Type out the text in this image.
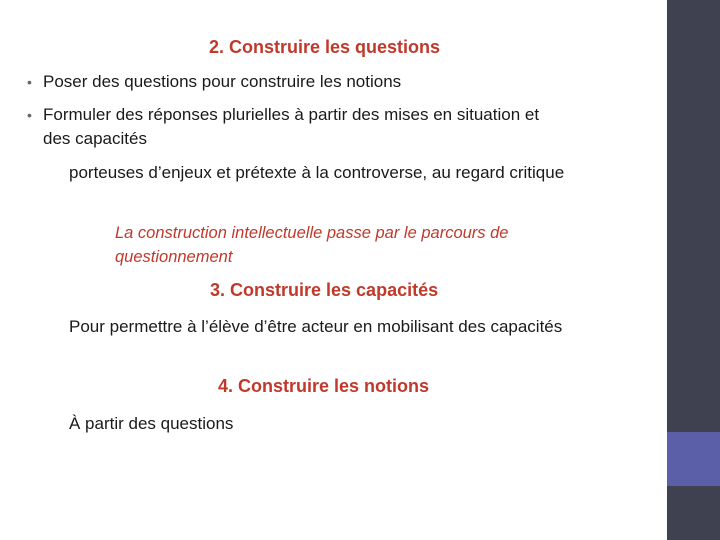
2. Construire les questions
• Poser des questions pour construire les notions
• Formuler des réponses plurielles à partir des mises en situation et des capacités
porteuses d’enjeux et prétexte à la controverse, au regard critique
La construction intellectuelle passe par le parcours de questionnement
3. Construire les capacités
Pour permettre à l’élève d’être acteur en mobilisant des capacités
4. Construire les notions
À partir des questions
